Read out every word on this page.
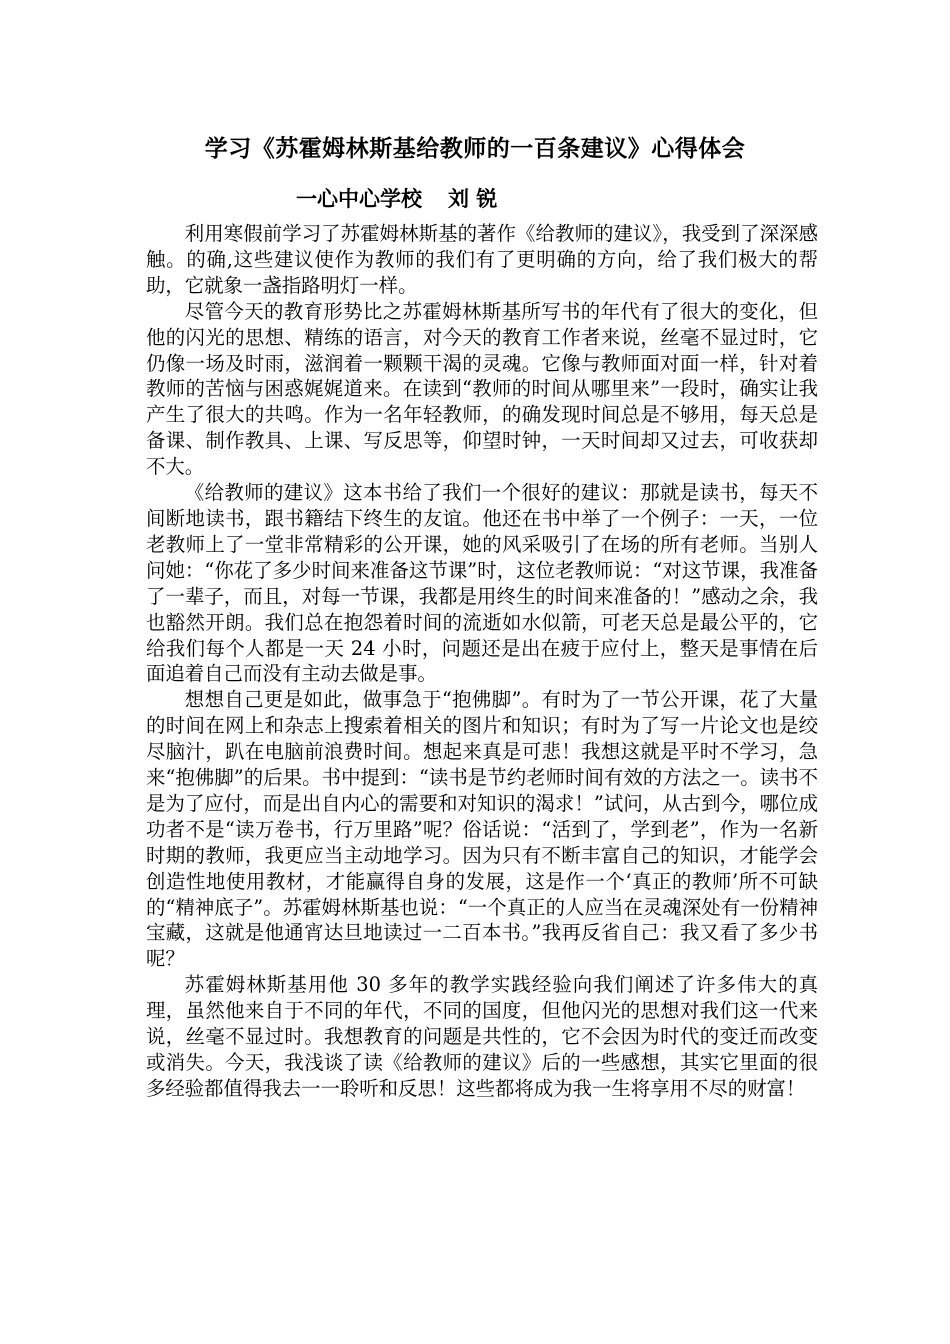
学习《苏霍姆林斯基给教师的一百条建议》心得体会
一心中心学校 刘 锐

利用寒假前学习了苏霍姆林斯基的著作《给教师的建议》，我受到了深深感触。的确,这些建议使作为教师的我们有了更明确的方向，给了我们极大的帮助，它就象一盏指路明灯一样。

尽管今天的教育形势比之苏霍姆林斯基所写书的年代有了很大的变化，但他的闪光的思想、精练的语言，对今天的教育工作者来说，丝毫不显过时，它仍像一场及时雨，滋润着一颗颗干渴的灵魂。它像与教师面对面一样，针对着教师的苦恼与困惑娓娓道来。在读到“教师的时间从哪里来”一段时，确实让我产生了很大的共鸣。作为一名年轻教师，的确发现时间总是不够用，每天总是备课、制作教具、上课、写反思等，仰望时钟，一天时间却又过去，可收获却不大。

《给教师的建议》这本书给了我们一个很好的建议：那就是读书，每天不间断地读书，跟书籍结下终生的友谊。他还在书中举了一个例子：一天，一位老教师上了一堂非常精彩的公开课，她的风采吸引了在场的所有老师。当别人问她：“你花了多少时间来准备这节课”时，这位老教师说：“对这节课，我准备了一辈子，而且，对每一节课，我都是用终生的时间来准备的！”感动之余，我也豁然开朗。我们总在抱怨着时间的流逝如水似箭，可老天总是最公平的，它给我们每个人都是一天 24 小时，问题还是出在疲于应付上，整天是事情在后面追着自己而没有主动去做是事。

想想自己更是如此，做事急于“抱佛脚”。有时为了一节公开课，花了大量的时间在网上和杂志上搜索着相关的图片和知识；有时为了写一片论文也是绞尽脑汁，趴在电脑前浪费时间。想起来真是可悲！我想这就是平时不学习，急来“抱佛脚”的后果。书中提到：“读书是节约老师时间有效的方法之一。读书不是为了应付，而是出自内心的需要和对知识的渴求！”试问，从古到今，哪位成功者不是“读万卷书，行万里路”呢？俗话说：“活到了，学到老”，作为一名新时期的教师，我更应当主动地学习。因为只有不断丰富自己的知识，才能学会创造性地使用教材，才能赢得自身的发展，这是作一个‘真正的教师’所不可缺的“精神底子”。苏霍姆林斯基也说：“一个真正的人应当在灵魂深处有一份精神宝藏，这就是他通宵达旦地读过一二百本书。”我再反省自己：我又看了多少书呢？

苏霍姆林斯基用他 30 多年的教学实践经验向我们阐述了许多伟大的真理，虽然他来自于不同的年代，不同的国度，但他闪光的思想对我们这一代来说，丝毫不显过时。我想教育的问题是共性的，它不会因为时代的变迁而改变或消失。今天，我浅谈了读《给教师的建议》后的一些感想，其实它里面的很多经验都值得我去一一聆听和反思！这些都将成为我一生将享用不尽的财富！
